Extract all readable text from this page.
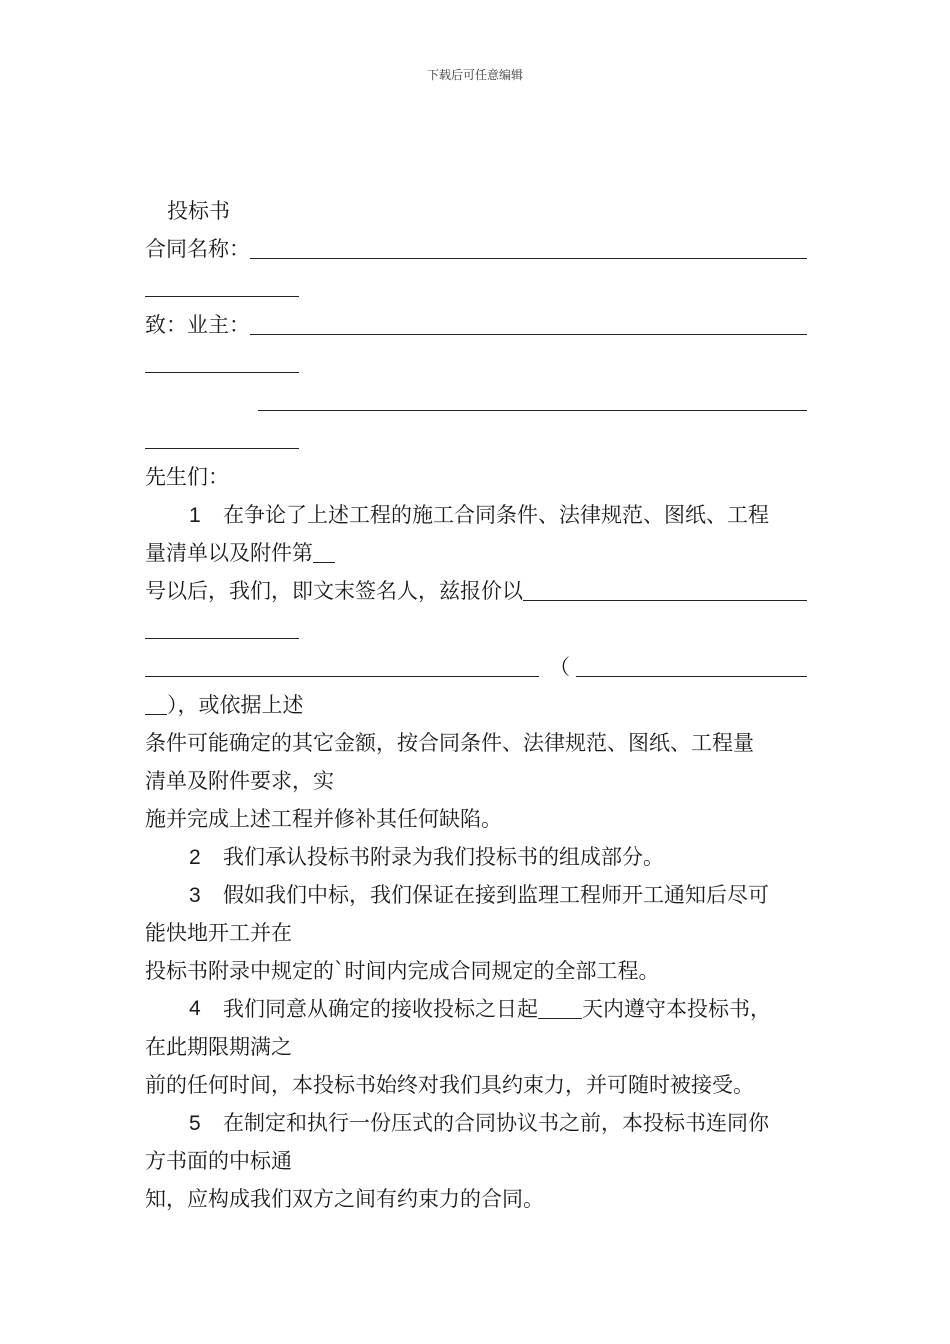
下载后可任意编辑
投标书
合同名称：
致：业主：
先生们：
1 在争论了上述工程的施工合同条件、法律规范、图纸、工程
量清单以及附件第
号以后，我们，即文末签名人，兹报价以
（
），或依据上述
条件可能确定的其它金额，按合同条件、法律规范、图纸、工程量
清单及附件要求，实
施并完成上述工程并修补其任何缺陷。
2 我们承认投标书附录为我们投标书的组成部分。
3 假如我们中标，我们保证在接到监理工程师开工通知后尽可
能快地开工并在
投标书附录中规定的`时间内完成合同规定的全部工程。
4	我们同意从确定的接收投标之日起 天内遵守本投标书，
在此期限期满之
前的任何时间，本投标书始终对我们具约束力，并可随时被接受。
5 在制定和执行一份压式的合同协议书之前，本投标书连同你
方书面的中标通
知，应构成我们双方之间有约束力的合同。
